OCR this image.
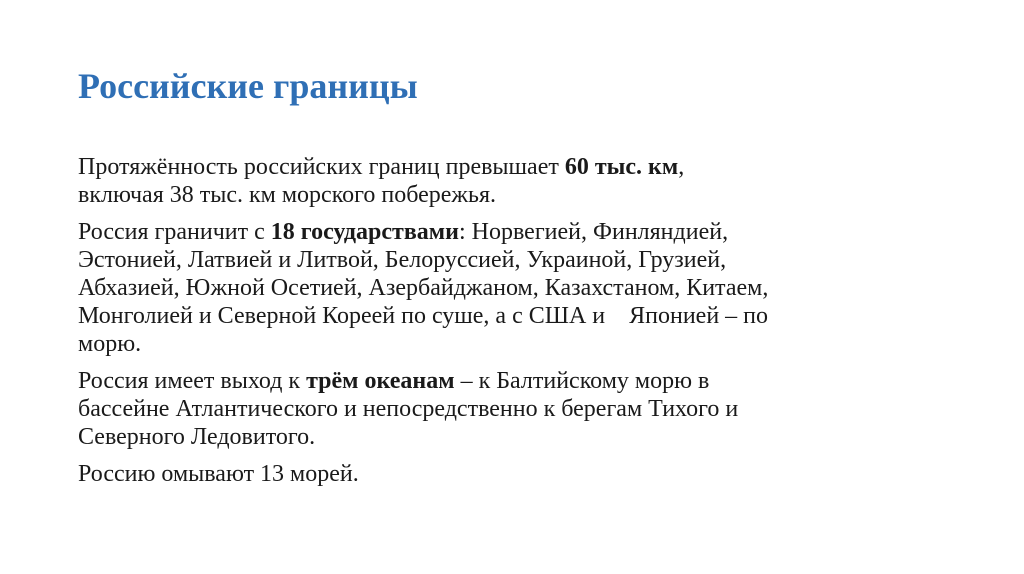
Российские границы

Протяжённость российских границ превышает 60 тыс. км,
включая 38 тыс. км морского побережья.

Россия граничит с 18 государствами: Норвегией, Финляндией,
Эстонией, Латвией и Литвой, Белоруссией, Украиной, Грузией,
Абхазией, Южной Осетией, Азербайджаном, Казахстаном, Китаем,
Монголией и Северной Кореей по суше, а с США и    Японией – по
морю.

Россия имеет выход к трём океанам – к Балтийскому морю в
бассейне Атлантического и непосредственно к берегам Тихого и
Северного Ледовитого.

Россию омывают 13 морей.
